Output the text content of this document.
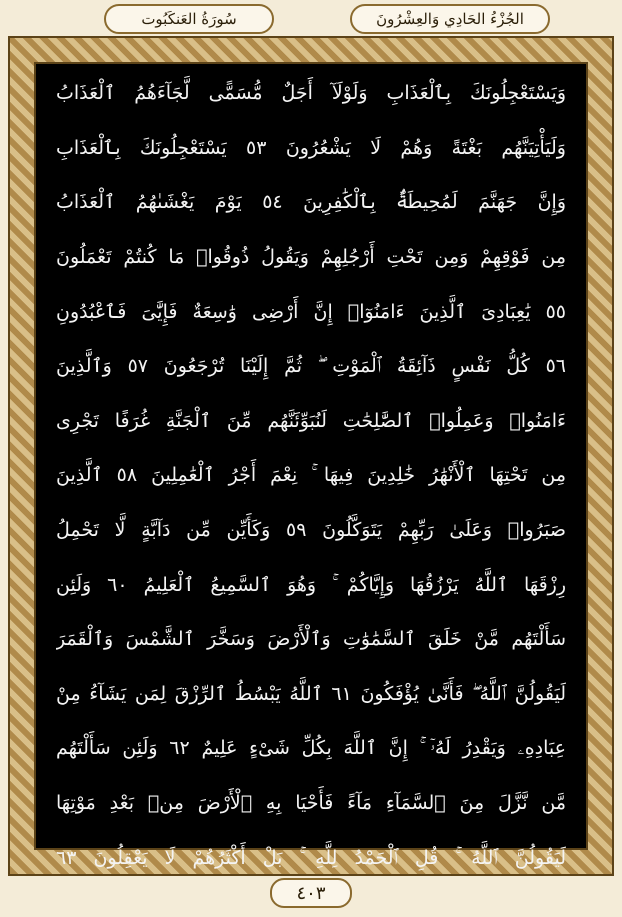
سُورَةُ العَنكَبُوت	الجُزْءُ الحَادِي وَالعِشْرُونَ
وَيَسْتَعْجِلُونَكَ بِٱلْعَذَابِ وَلَوْلَآ أَجَلٌ مُّسَمًّى لَّجَآءَهُمُ ٱلْعَذَابُ
وَلَيَأْتِيَنَّهُم بَغْتَةً وَهُمْ لَا يَشْعُرُونَ ٥٣ يَسْتَعْجِلُونَكَ بِٱلْعَذَابِ
وَإِنَّ جَهَنَّمَ لَمُحِيطَةٌۢ بِٱلْكَٰفِرِينَ ٥٤ يَوْمَ يَغْشَىٰهُمُ ٱلْعَذَابُ
مِن فَوْقِهِمْ وَمِن تَحْتِ أَرْجُلِهِمْ وَيَقُولُ ذُوقُوا۟ مَا كُنتُمْ تَعْمَلُونَ
٥٥ يَٰعِبَادِىَ ٱلَّذِينَ ءَامَنُوٓا۟ إِنَّ أَرْضِى وَٰسِعَةٌ فَإِيَّٰىَ فَٱعْبُدُونِ
٥٦ كُلُّ نَفْسٍ ذَآئِقَةُ ٱلْمَوْتِ ۖ ثُمَّ إِلَيْنَا تُرْجَعُونَ ٥٧ وَٱلَّذِينَ
ءَامَنُوا۟ وَعَمِلُوا۟ ٱلصَّٰلِحَٰتِ لَنُبَوِّئَنَّهُم مِّنَ ٱلْجَنَّةِ غُرَفًا تَجْرِى
مِن تَحْتِهَا ٱلْأَنْهَٰرُ خَٰلِدِينَ فِيهَا ۚ نِعْمَ أَجْرُ ٱلْعَٰمِلِينَ ٥٨ ٱلَّذِينَ
صَبَرُوا۟ وَعَلَىٰ رَبِّهِمْ يَتَوَكَّلُونَ ٥٩ وَكَأَيِّن مِّن دَآبَّةٍ لَّا تَحْمِلُ
رِزْقَهَا ٱللَّهُ يَرْزُقُهَا وَإِيَّاكُمْ ۚ وَهُوَ ٱلسَّمِيعُ ٱلْعَلِيمُ ٦٠ وَلَئِن
سَأَلْتَهُم مَّنْ خَلَقَ ٱلسَّمَٰوَٰتِ وَٱلْأَرْضَ وَسَخَّرَ ٱلشَّمْسَ وَٱلْقَمَرَ
لَيَقُولُنَّ ٱللَّهُ ۖ فَأَنَّىٰ يُؤْفَكُونَ ٦١ ٱللَّهُ يَبْسُطُ ٱلرِّزْقَ لِمَن يَشَآءُ مِنْ
عِبَادِهِۦ وَيَقْدِرُ لَهُۥٓ ۚ إِنَّ ٱللَّهَ بِكُلِّ شَىْءٍ عَلِيمٌ ٦٢ وَلَئِن سَأَلْتَهُم
مَّن نَّزَّلَ مِنَ ٱلسَّمَآءِ مَآءً فَأَحْيَا بِهِ ٱلْأَرْضَ مِنۢ بَعْدِ مَوْتِهَا
لَيَقُولُنَّ ٱللَّهُ ۚ قُلِ ٱلْحَمْدُ لِلَّهِ ۚ بَلْ أَكْثَرُهُمْ لَا يَعْقِلُونَ ٦٣
٤٠٣
